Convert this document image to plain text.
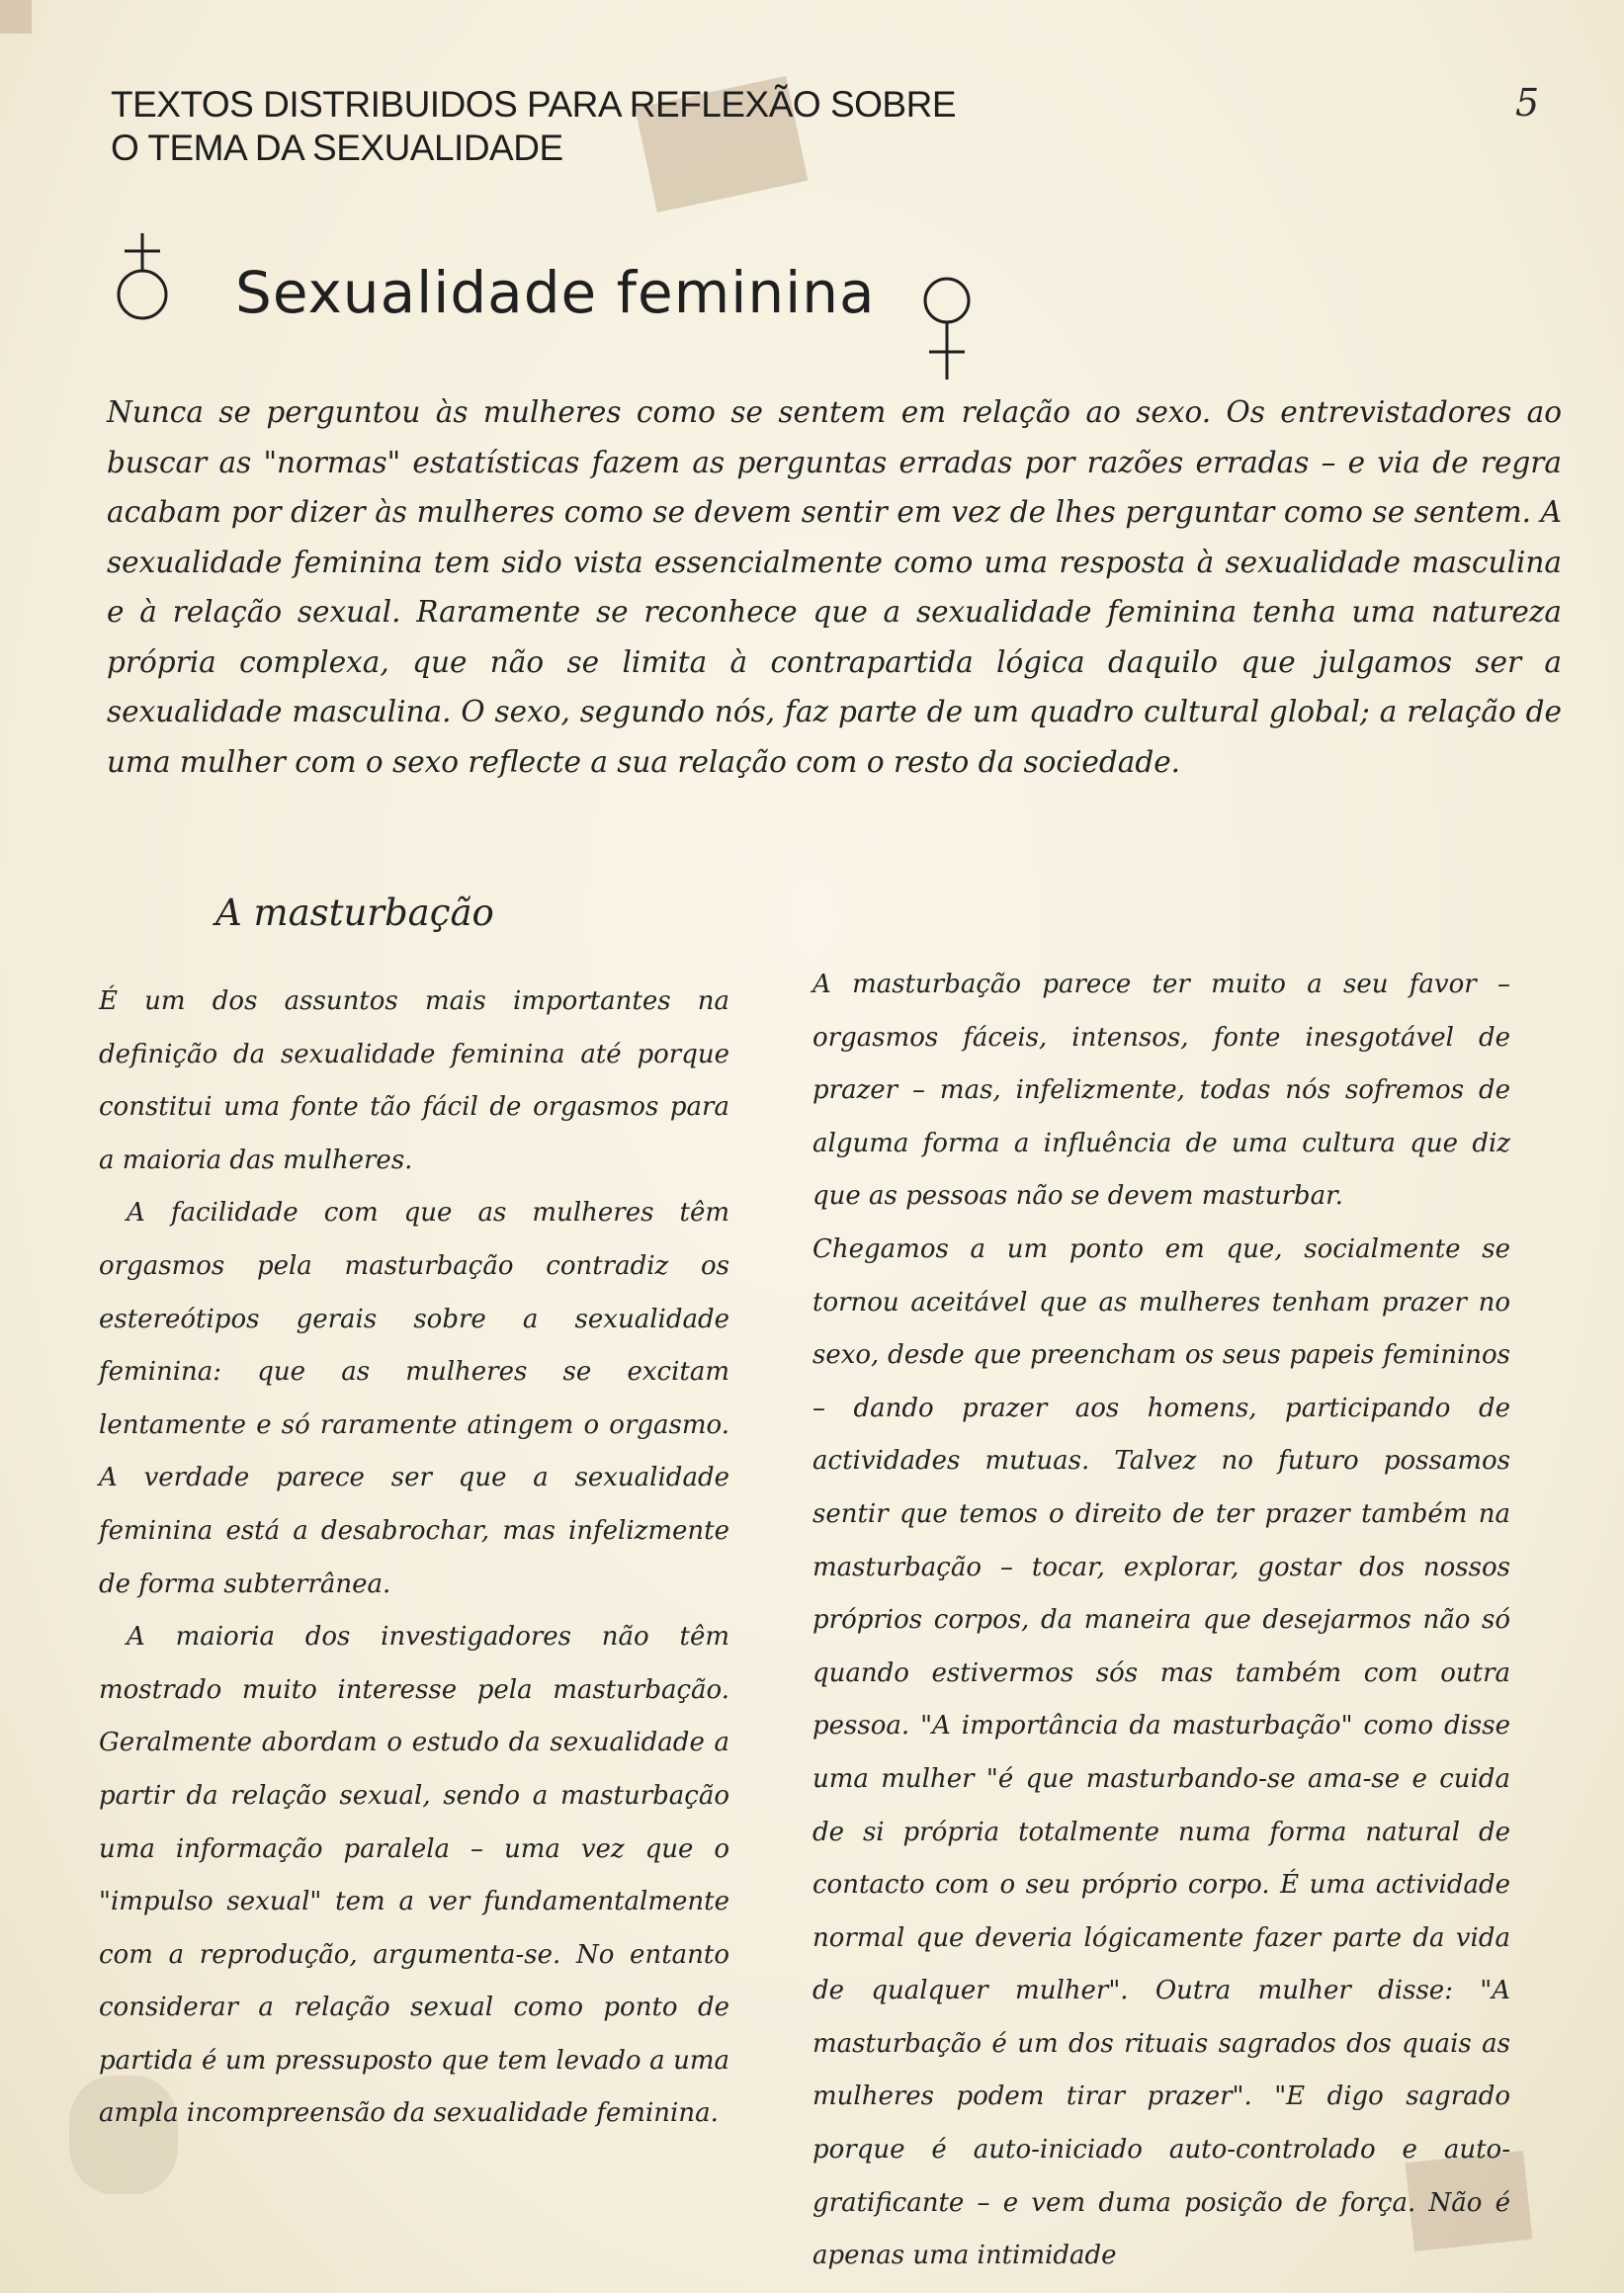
TEXTOS DISTRIBUIDOS PARA REFLEXÃO SOBRE
O TEMA DA SEXUALIDADE
5
Sexualidade feminina
Nunca se perguntou às mulheres como se sentem em relação ao sexo. Os entrevistadores ao buscar as "normas" estatísticas fazem as perguntas erradas por razões erradas – e via de regra acabam por dizer às mulheres como se devem sentir em vez de lhes perguntar como se sentem. A sexualidade feminina tem sido vista essencialmente como uma resposta à sexualidade masculina e à relação sexual. Raramente se reconhece que a sexualidade feminina tenha uma natureza própria complexa, que não se limita à contrapartida lógica daquilo que julgamos ser a sexualidade masculina. O sexo, segundo nós, faz parte de um quadro cultural global; a relação de uma mulher com o sexo reflecte a sua relação com o resto da sociedade.
A masturbação

É um dos assuntos mais importantes na definição da sexualidade feminina até porque constitui uma fonte tão fácil de orgasmos para a maioria das mulheres.

A facilidade com que as mulheres têm orgasmos pela masturbação contradiz os estereótipos gerais sobre a sexualidade feminina: que as mulheres se excitam lentamente e só raramente atingem o orgasmo. A verdade parece ser que a sexualidade feminina está a desabrochar, mas infelizmente de forma subterrânea.

A maioria dos investigadores não têm mostrado muito interesse pela masturbação. Geralmente abordam o estudo da sexualidade a partir da relação sexual, sendo a masturbação uma informação paralela – uma vez que o "impulso sexual" tem a ver fundamentalmente com a reprodução, argumenta-se. No entanto considerar a relação sexual como ponto de partida é um pressuposto que tem levado a uma ampla incompreensão da sexualidade feminina.

A masturbação parece ter muito a seu favor – orgasmos fáceis, intensos, fonte inesgotável de prazer – mas, infelizmente, todas nós sofremos de alguma forma a influência de uma cultura que diz que as pessoas não se devem masturbar.

Chegamos a um ponto em que, socialmente se tornou aceitável que as mulheres tenham prazer no sexo, desde que preencham os seus papeis femininos – dando prazer aos homens, participando de actividades mutuas. Talvez no futuro possamos sentir que temos o direito de ter prazer também na masturbação – tocar, explorar, gostar dos nossos próprios corpos, da maneira que desejarmos não só quando estivermos sós mas também com outra pessoa. "A importância da masturbação" como disse uma mulher "é que masturbando-se ama-se e cuida de si própria totalmente numa forma natural de contacto com o seu próprio corpo. É uma actividade normal que deveria lógicamente fazer parte da vida de qualquer mulher". Outra mulher disse: "A masturbação é um dos rituais sagrados dos quais as mulheres podem tirar prazer". "E digo sagrado porque é auto-iniciado auto-controlado e auto-gratificante – e vem duma posição de força. Não é apenas uma intimidade
